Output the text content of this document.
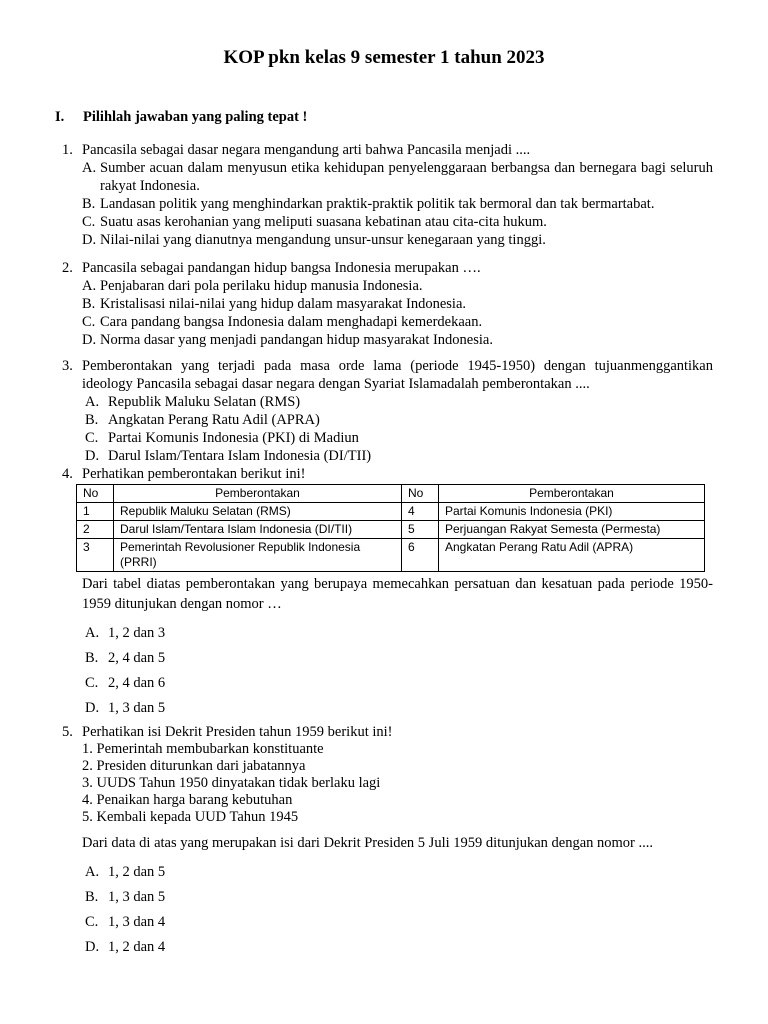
KOP pkn kelas 9 semester 1 tahun 2023
I. Pilihlah jawaban yang paling tepat !
1. Pancasila sebagai dasar negara mengandung arti bahwa Pancasila menjadi ....
A. Sumber acuan dalam menyusun etika kehidupan penyelenggaraan berbangsa dan bernegara bagi seluruh rakyat Indonesia.
B. Landasan politik yang menghindarkan praktik-praktik politik tak bermoral dan tak bermartabat.
C. Suatu asas kerohanian yang meliputi suasana kebatinan atau cita-cita hukum.
D. Nilai-nilai yang dianutnya mengandung unsur-unsur kenegaraan yang tinggi.
2. Pancasila sebagai pandangan hidup bangsa Indonesia merupakan ….
A. Penjabaran dari pola perilaku hidup manusia Indonesia.
B. Kristalisasi nilai-nilai yang hidup dalam masyarakat Indonesia.
C. Cara pandang bangsa Indonesia dalam menghadapi kemerdekaan.
D. Norma dasar yang menjadi pandangan hidup masyarakat Indonesia.
3. Pemberontakan yang terjadi pada masa orde lama (periode 1945-1950) dengan tujuanmenggantikan ideology Pancasila sebagai dasar negara dengan Syariat Islamadalah pemberontakan ....
A. Republik Maluku Selatan (RMS)
B. Angkatan Perang Ratu Adil (APRA)
C. Partai Komunis Indonesia (PKI) di Madiun
D. Darul Islam/Tentara Islam Indonesia (DI/TII)
4. Perhatikan pemberontakan berikut ini!
No	Pemberontakan	No	Pemberontakan
1	Republik Maluku Selatan (RMS)	4	Partai Komunis Indonesia (PKI)
2	Darul Islam/Tentara Islam Indonesia (DI/TII)	5	Perjuangan Rakyat Semesta (Permesta)
3	Pemerintah Revolusioner Republik Indonesia (PRRI)	6	Angkatan Perang Ratu Adil (APRA)
Dari tabel diatas pemberontakan yang berupaya memecahkan persatuan dan kesatuan pada periode 1950-1959 ditunjukan dengan nomor …
A. 1, 2 dan 3
B. 2, 4 dan 5
C. 2, 4 dan 6
D. 1, 3 dan 5
5. Perhatikan isi Dekrit Presiden tahun 1959 berikut ini!
1. Pemerintah membubarkan konstituante
2. Presiden diturunkan dari jabatannya
3. UUDS Tahun 1950 dinyatakan tidak berlaku lagi
4. Penaikan harga barang kebutuhan
5. Kembali kepada UUD Tahun 1945
Dari data di atas yang merupakan isi dari Dekrit Presiden 5 Juli 1959 ditunjukan dengan nomor ....
A. 1, 2 dan 5
B. 1, 3 dan 5
C. 1, 3 dan 4
D. 1, 2 dan 4
